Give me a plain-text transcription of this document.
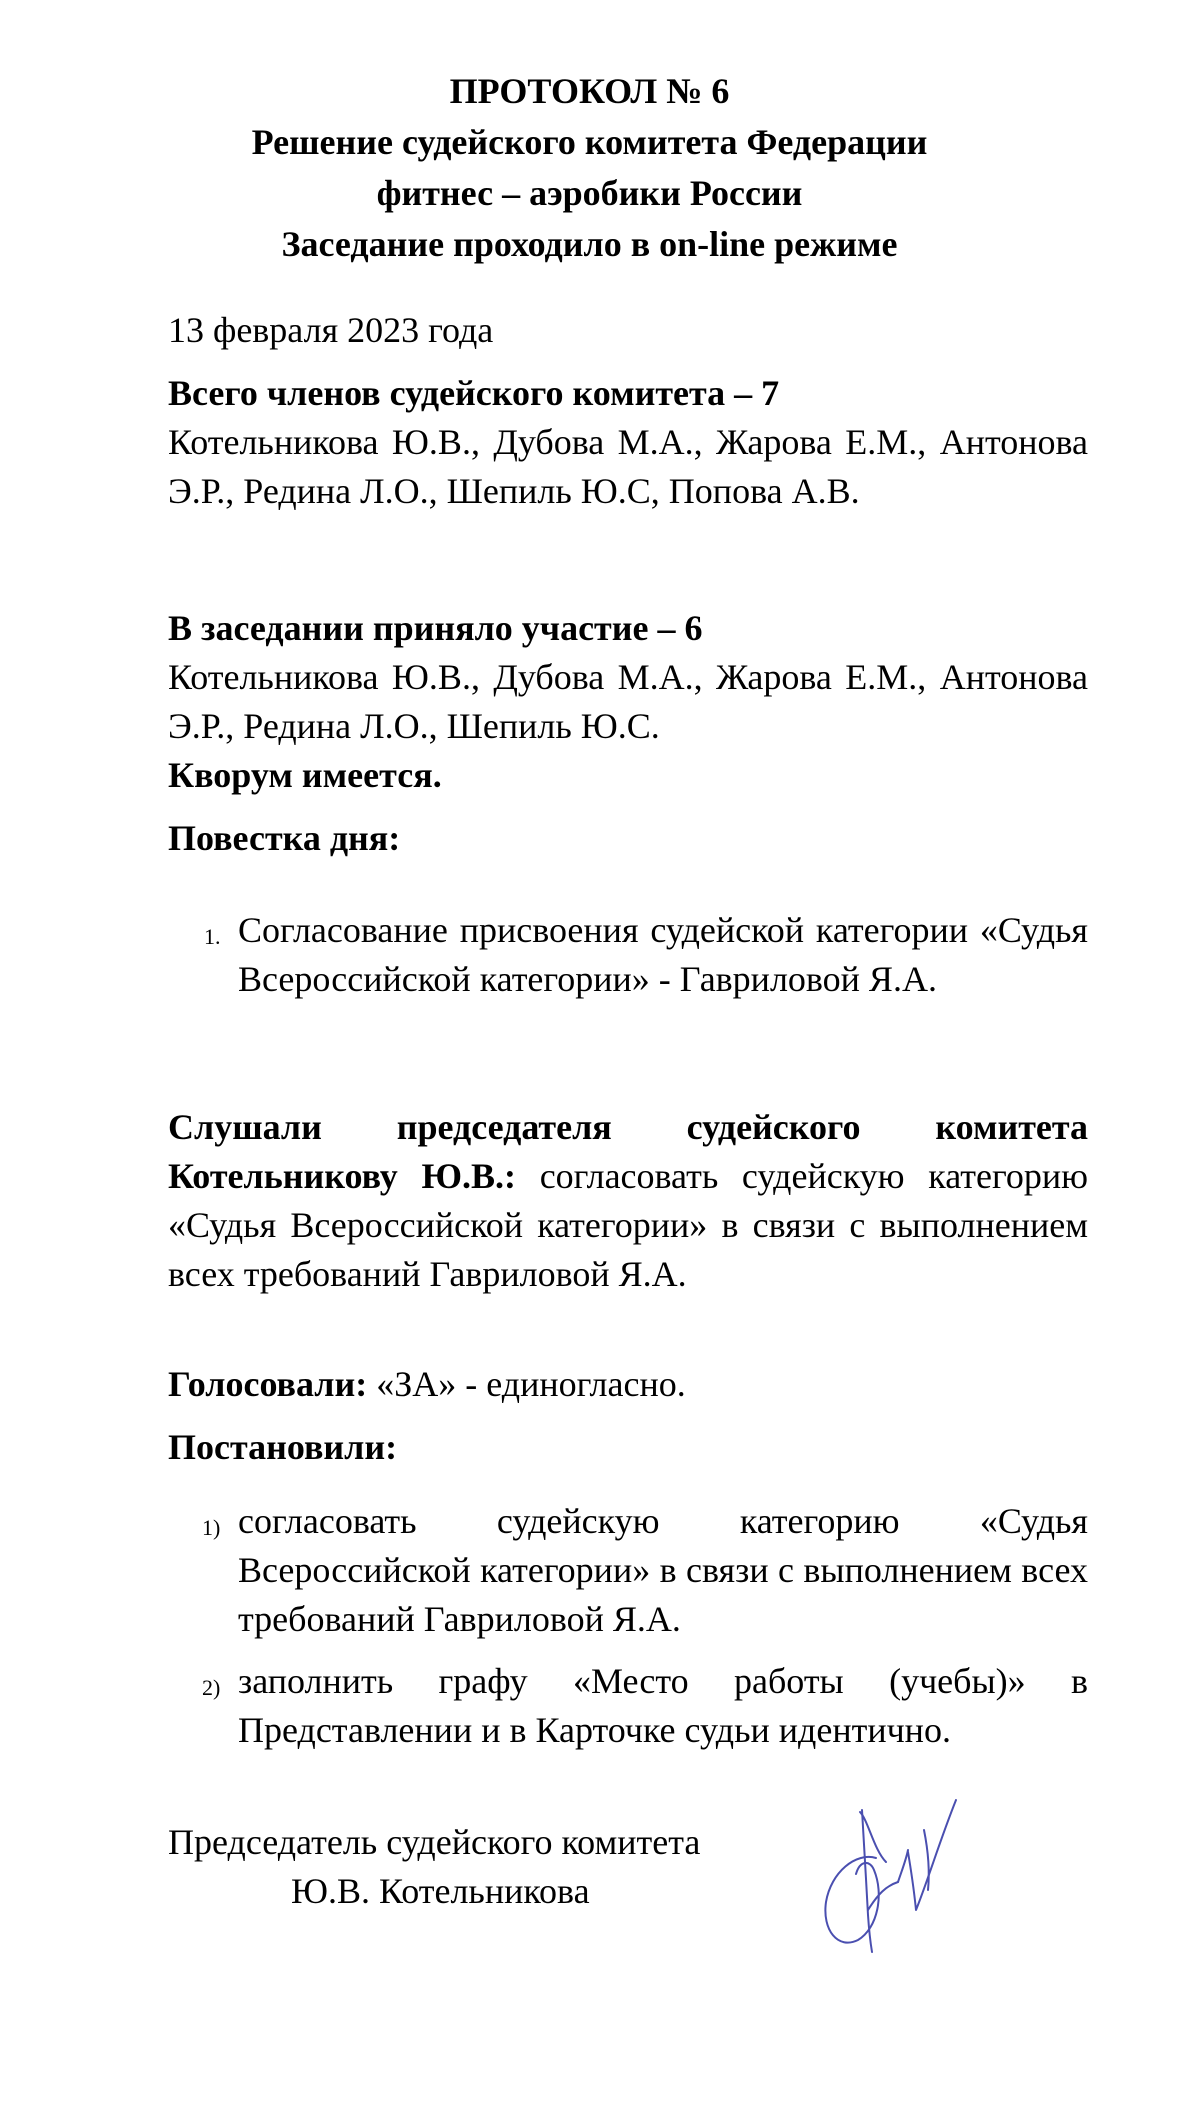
ПРОТОКОЛ № 6
Решение судейского комитета Федерации
фитнес – аэробики России
Заседание проходило в on-line режиме
13 февраля 2023 года
Всего членов судейского комитета – 7
Котельникова Ю.В., Дубова М.А., Жарова Е.М., Антонова Э.Р., Редина Л.О., Шепиль Ю.С, Попова А.В.
В заседании приняло участие – 6
Котельникова Ю.В., Дубова М.А., Жарова Е.М., Антонова Э.Р., Редина Л.О., Шепиль Ю.С.
Кворум имеется.
Повестка дня:
1. Согласование присвоения судейской категории «Судья Всероссийской категории» - Гавриловой Я.А.
Слушали председателя судейского комитета Котельникову Ю.В.: согласовать судейскую категорию «Судья Всероссийской категории» в связи с выполнением всех требований Гавриловой Я.А.
Голосовали: «ЗА» - единогласно.
Постановили:
1) согласовать судейскую категорию «Судья Всероссийской категории» в связи с выполнением всех требований Гавриловой Я.А.
2) заполнить графу «Место работы (учебы)» в Представлении и в Карточке судьи идентично.
Председатель судейского комитета
Ю.В. Котельникова
